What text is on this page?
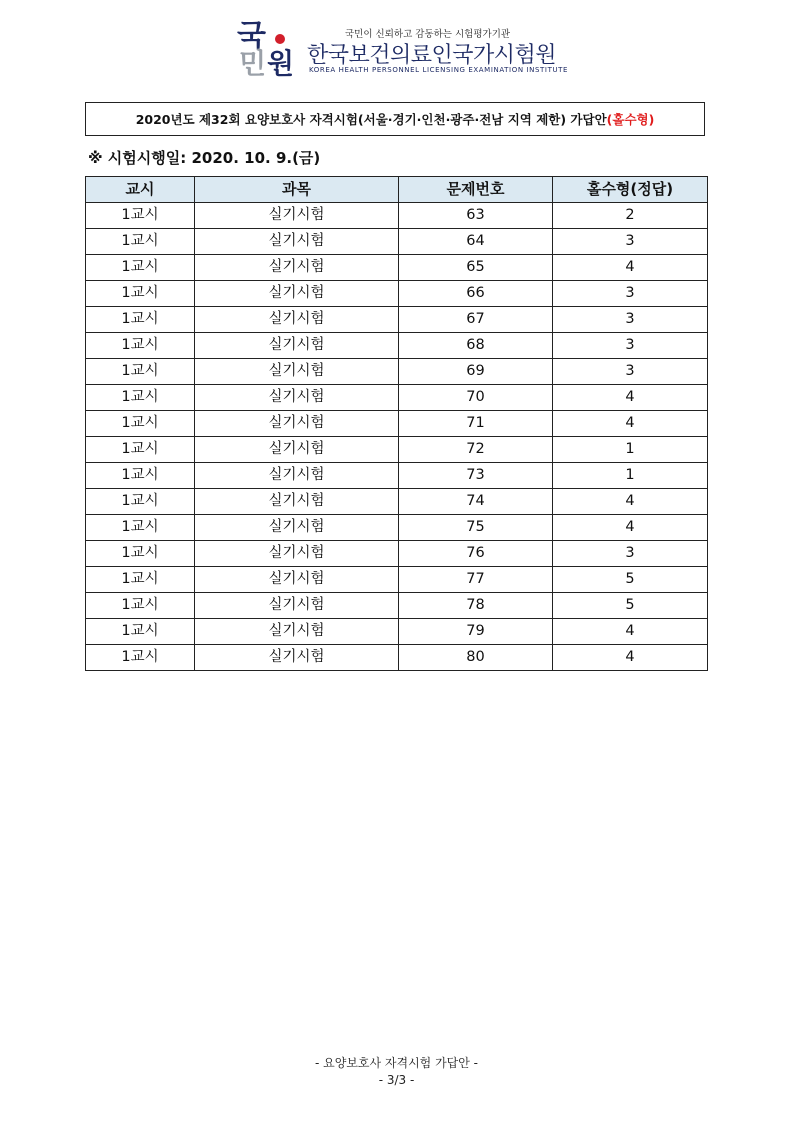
국
민 원
국민이 신뢰하고 감동하는 시험평가기관
한국보건의료인국가시험원
KOREA HEALTH PERSONNEL LICENSING EXAMINATION INSTITUTE
2020년도 제32회 요양보호사 자격시험(서울·경기·인천·광주·전남 지역 제한) 가답안 (홀수형)
※ 시험시행일: 2020. 10. 9.(금)
교시	과목	문제번호	홀수형(정답)
1교시	실기시험	63	2
1교시	실기시험	64	3
1교시	실기시험	65	4
1교시	실기시험	66	3
1교시	실기시험	67	3
1교시	실기시험	68	3
1교시	실기시험	69	3
1교시	실기시험	70	4
1교시	실기시험	71	4
1교시	실기시험	72	1
1교시	실기시험	73	1
1교시	실기시험	74	4
1교시	실기시험	75	4
1교시	실기시험	76	3
1교시	실기시험	77	5
1교시	실기시험	78	5
1교시	실기시험	79	4
1교시	실기시험	80	4
- 요양보호사 자격시험 가답안 -
- 3/3 -
